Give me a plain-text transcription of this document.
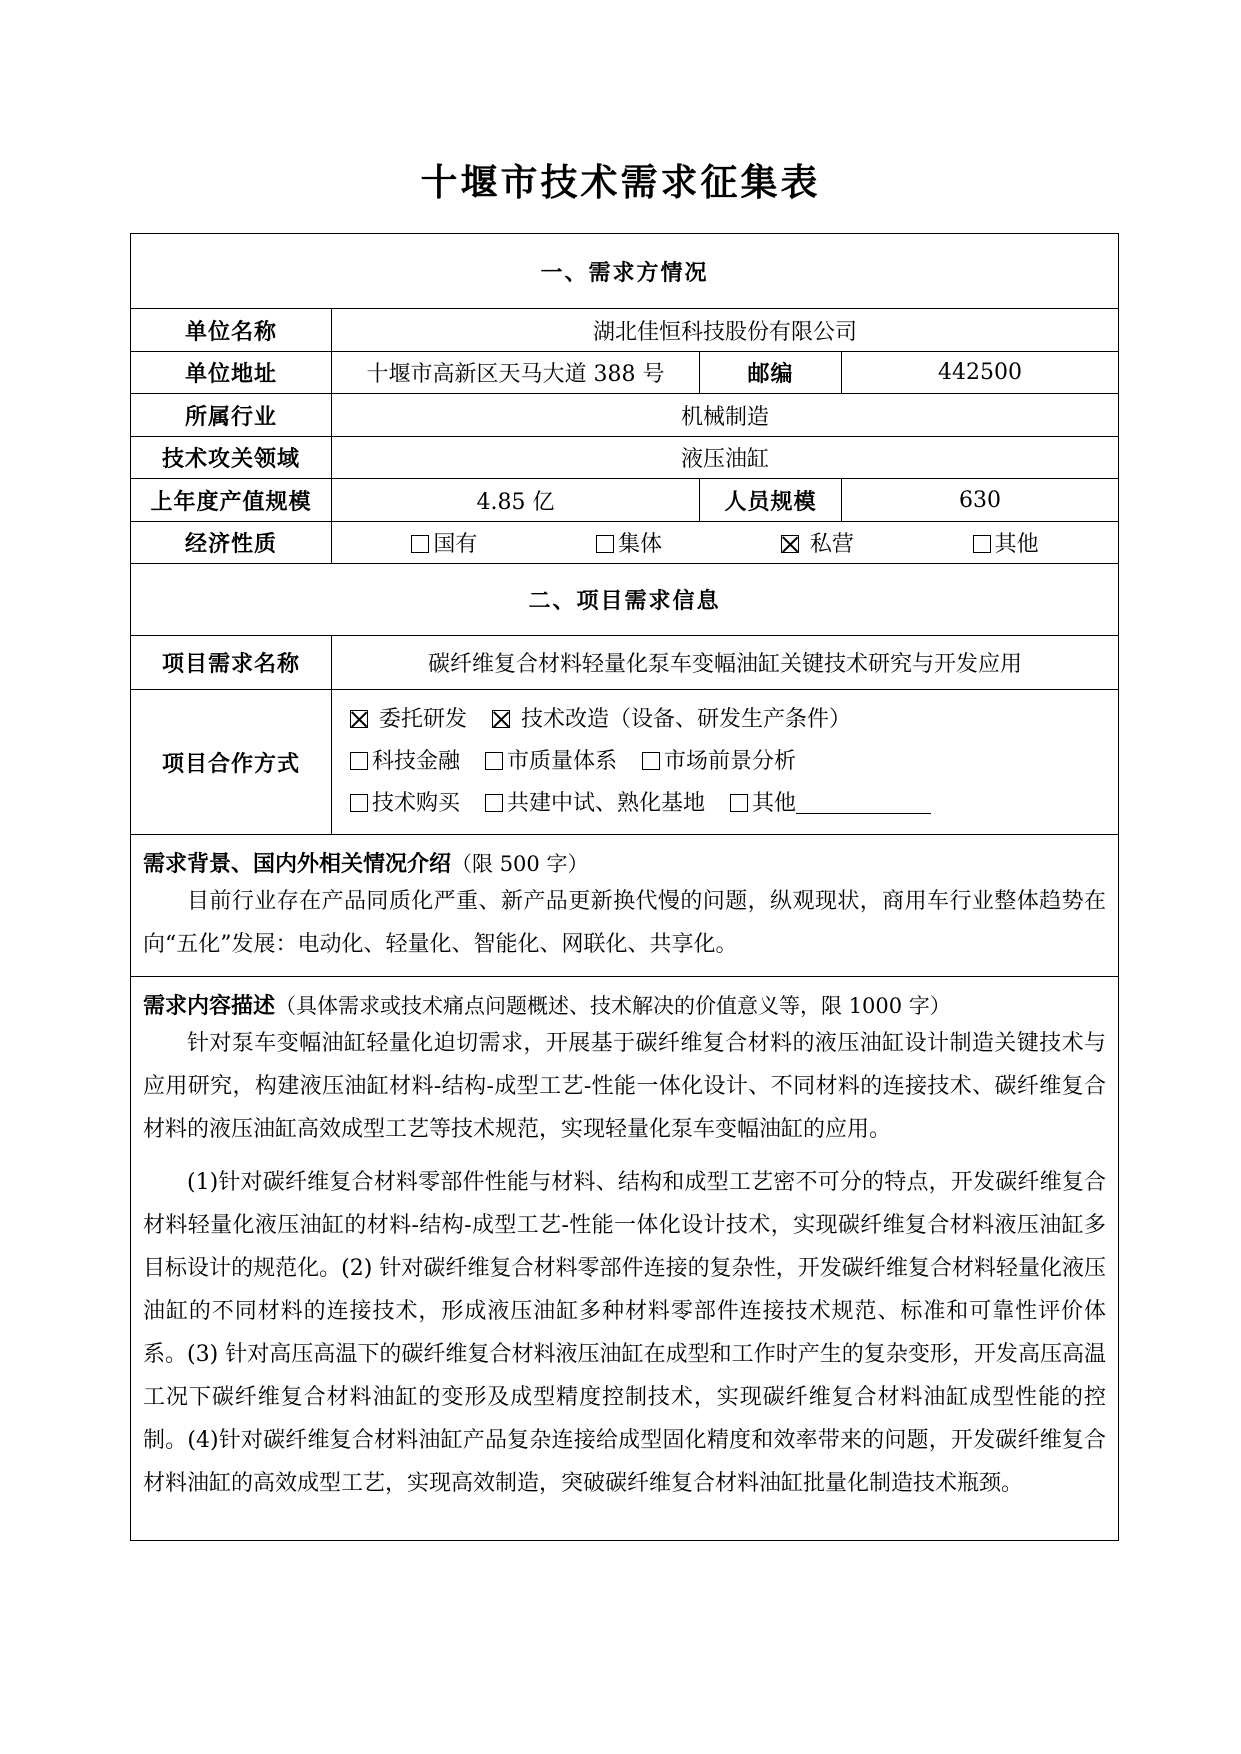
十堰市技术需求征集表
一、需求方情况			
单位名称	湖北佳恒科技股份有限公司		
单位地址	十堰市高新区天马大道 388 号	邮编	442500
所属行业	机械制造		
技术攻关领域	液压油缸		
上年度产值规模	4.85 亿	人员规模	630
经济性质	国有 集体 私营 其他		

二、项目需求信息			
项目需求名称	碳纤维复合材料轻量化泵车变幅油缸关键技术研究与开发应用		
项目合作方式	委托研发 技术改造（设备、研发生产条件）
科技金融 市质量体系 市场前景分析
技术购买 共建中试、熟化基地 其他		

需求背景、国内外相关情况介绍（限 500 字）

目前行业存在产品同质化严重、新产品更新换代慢的问题，纵观现状，商用车行业整体趋势在向“五化”发展：电动化、轻量化、智能化、网联化、共享化。			

需求内容描述（具体需求或技术痛点问题概述、技术解决的价值意义等，限 1000 字）

针对泵车变幅油缸轻量化迫切需求，开展基于碳纤维复合材料的液压油缸设计制造关键技术与应用研究，构建液压油缸材料-结构-成型工艺-性能一体化设计、不同材料的连接技术、碳纤维复合材料的液压油缸高效成型工艺等技术规范，实现轻量化泵车变幅油缸的应用。

(1)针对碳纤维复合材料零部件性能与材料、结构和成型工艺密不可分的特点，开发碳纤维复合材料轻量化液压油缸的材料-结构-成型工艺-性能一体化设计技术，实现碳纤维复合材料液压油缸多目标设计的规范化。(2) 针对碳纤维复合材料零部件连接的复杂性，开发碳纤维复合材料轻量化液压油缸的不同材料的连接技术，形成液压油缸多种材料零部件连接技术规范、标准和可靠性评价体系。(3) 针对高压高温下的碳纤维复合材料液压油缸在成型和工作时产生的复杂变形，开发高压高温工况下碳纤维复合材料油缸的变形及成型精度控制技术，实现碳纤维复合材料油缸成型性能的控制。(4)针对碳纤维复合材料油缸产品复杂连接给成型固化精度和效率带来的问题，开发碳纤维复合材料油缸的高效成型工艺，实现高效制造，突破碳纤维复合材料油缸批量化制造技术瓶颈。			
